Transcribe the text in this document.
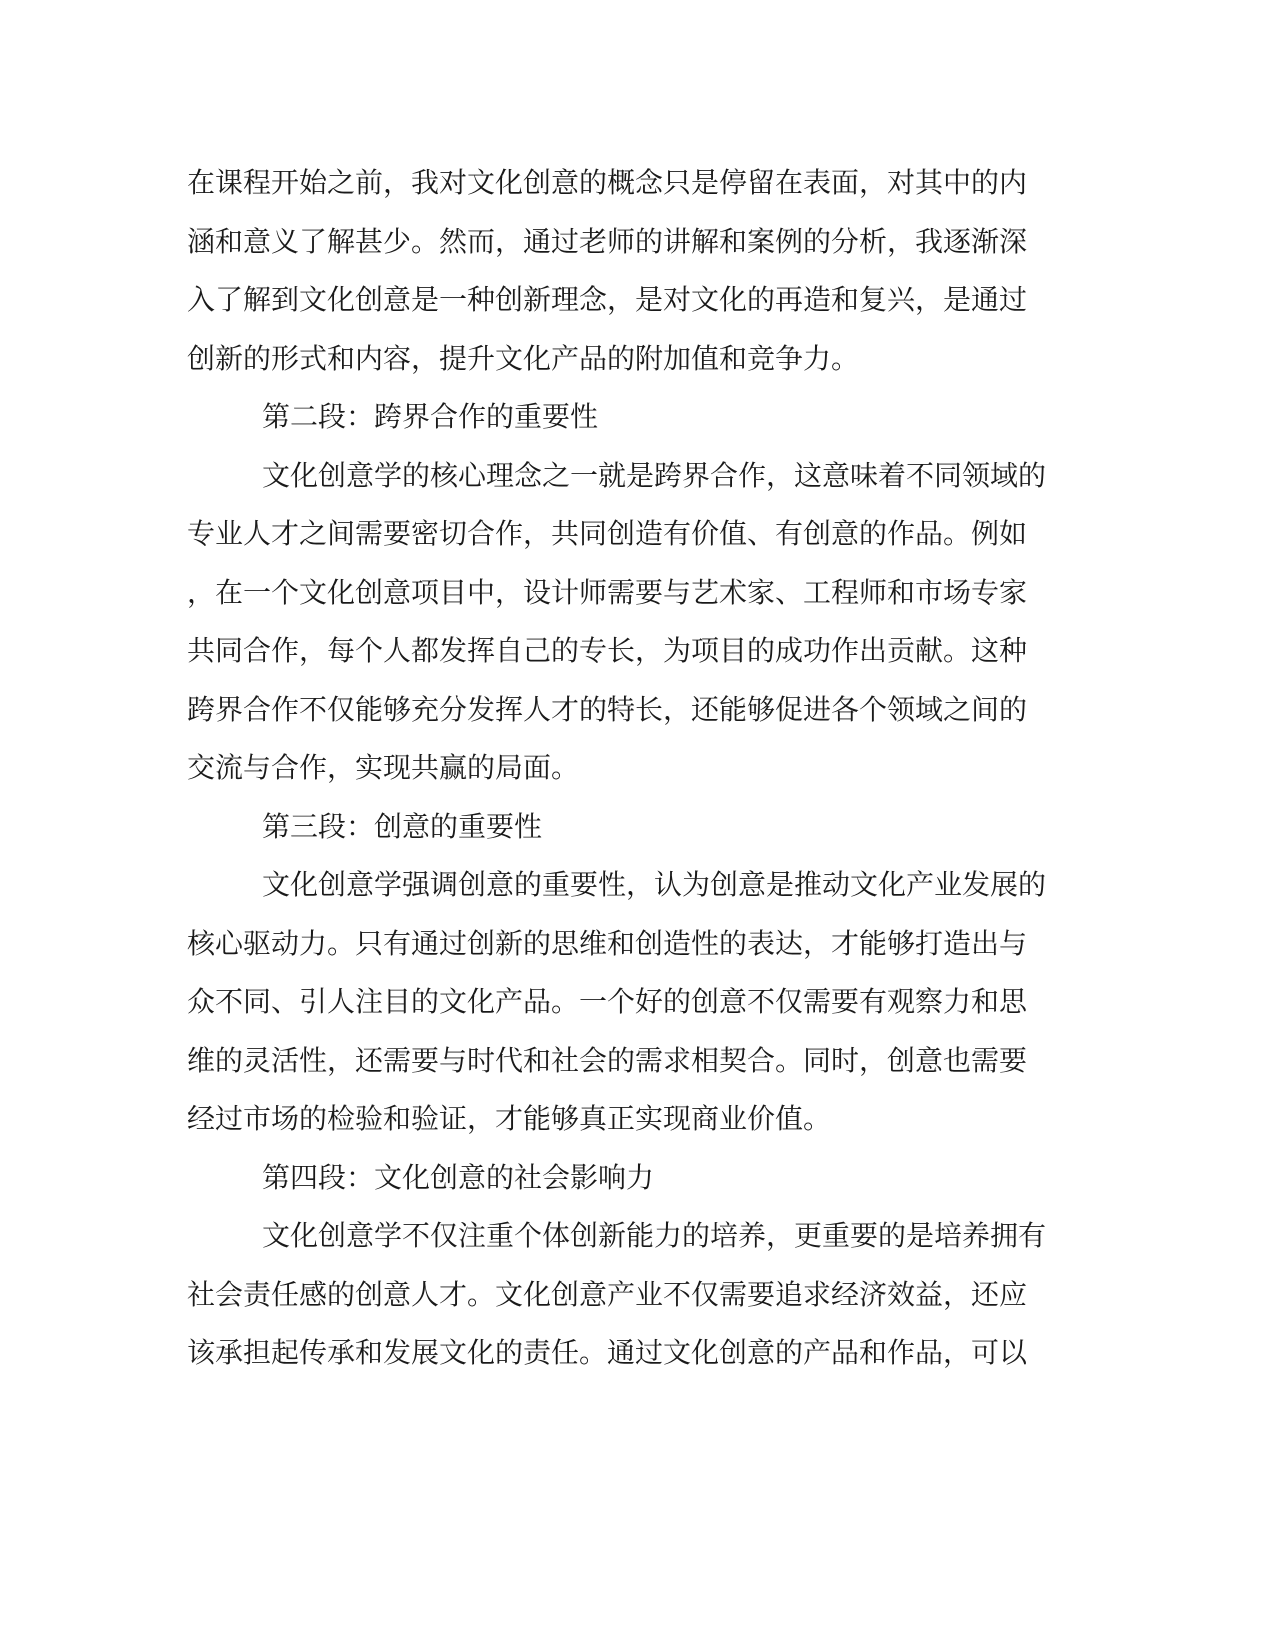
在课程开始之前，我对文化创意的概念只是停留在表面，对其中的内

涵和意义了解甚少。然而，通过老师的讲解和案例的分析，我逐渐深

入了解到文化创意是一种创新理念，是对文化的再造和复兴，是通过

创新的形式和内容，提升文化产品的附加值和竞争力。

第二段：跨界合作的重要性

文化创意学的核心理念之一就是跨界合作，这意味着不同领域的

专业人才之间需要密切合作，共同创造有价值、有创意的作品。例如

，在一个文化创意项目中，设计师需要与艺术家、工程师和市场专家

共同合作，每个人都发挥自己的专长，为项目的成功作出贡献。这种

跨界合作不仅能够充分发挥人才的特长，还能够促进各个领域之间的

交流与合作，实现共赢的局面。

第三段：创意的重要性

文化创意学强调创意的重要性，认为创意是推动文化产业发展的

核心驱动力。只有通过创新的思维和创造性的表达，才能够打造出与

众不同、引人注目的文化产品。一个好的创意不仅需要有观察力和思

维的灵活性，还需要与时代和社会的需求相契合。同时，创意也需要

经过市场的检验和验证，才能够真正实现商业价值。

第四段：文化创意的社会影响力

文化创意学不仅注重个体创新能力的培养，更重要的是培养拥有

社会责任感的创意人才。文化创意产业不仅需要追求经济效益，还应

该承担起传承和发展文化的责任。通过文化创意的产品和作品，可以
